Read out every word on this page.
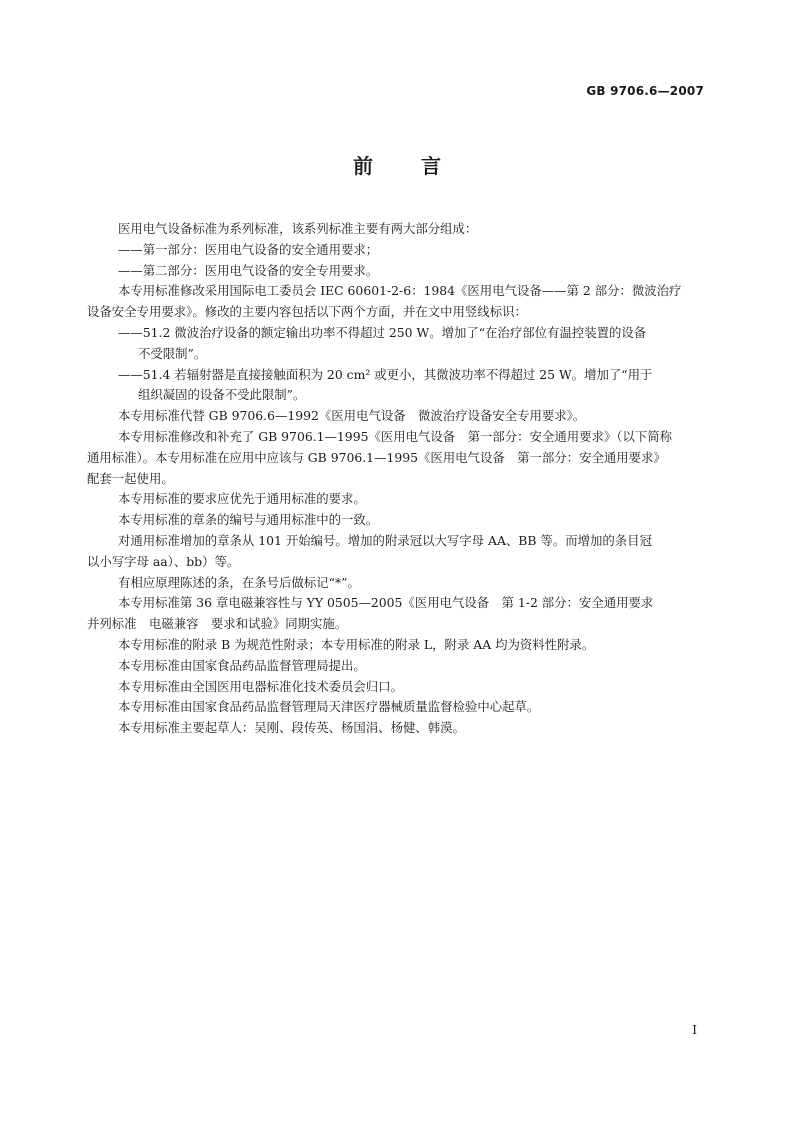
GB 9706.6—2007
前　言

医用电气设备标准为系列标准，该系列标准主要有两大部分组成：

——第一部分：医用电气设备的安全通用要求；

——第二部分：医用电气设备的安全专用要求。

本专用标准修改采用国际电工委员会 IEC 60601-2-6：1984《医用电气设备——第 2 部分：微波治疗
设备安全专用要求》。修改的主要内容包括以下两个方面，并在文中用竖线标识：

——51.2 微波治疗设备的额定输出功率不得超过 250 W。增加了“在治疗部位有温控装置的设备
不受限制”。

——51.4 若辐射器是直接接触面积为 20 cm² 或更小，其微波功率不得超过 25 W。增加了“用于
组织凝固的设备不受此限制”。

本专用标准代替 GB 9706.6—1992《医用电气设备　微波治疗设备安全专用要求》。

本专用标准修改和补充了 GB 9706.1—1995《医用电气设备　第一部分：安全通用要求》（以下简称
通用标准）。本专用标准在应用中应该与 GB 9706.1—1995《医用电气设备　第一部分：安全通用要求》
配套一起使用。

本专用标准的要求应优先于通用标准的要求。

本专用标准的章条的编号与通用标准中的一致。

对通用标准增加的章条从 101 开始编号。增加的附录冠以大写字母 AA、BB 等。而增加的条目冠
以小写字母 aa）、bb）等。

有相应原理陈述的条，在条号后做标记“*”。

本专用标准第 36 章电磁兼容性与 YY 0505—2005《医用电气设备　第 1-2 部分：安全通用要求
并列标准　电磁兼容　要求和试验》同期实施。

本专用标准的附录 B 为规范性附录；本专用标准的附录 L，附录 AA 均为资料性附录。

本专用标准由国家食品药品监督管理局提出。

本专用标准由全国医用电器标准化技术委员会归口。

本专用标准由国家食品药品监督管理局天津医疗器械质量监督检验中心起草。

本专用标准主要起草人：吴刚、段传英、杨国涓、杨健、韩漠。

I
